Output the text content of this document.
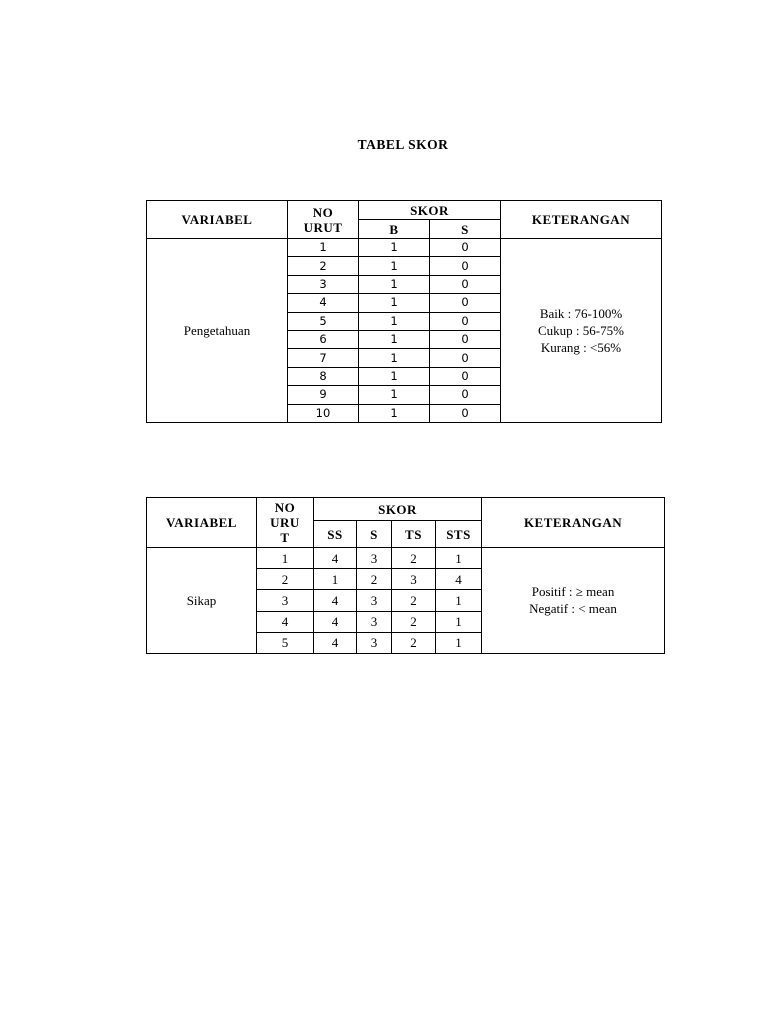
TABEL SKOR
VARIABEL	NO URUT	SKOR		KETERANGAN
		B	S	
Pengetahuan	1	1	0	Baik : 76-100%
Cukup : 56-75%
Kurang : <56%

	2	1	0	
	3	1	0	
	4	1	0	
	5	1	0	
	6	1	0	
	7	1	0	
	8	1	0	
	9	1	0	
	10	1	0	
VARIABEL	NO URU T	SKOR				KETERANGAN
		SS	S	TS	STS	
Sikap	1	4	3	2	1	Positif : ≥ mean
Negatif : < mean

	2	1	2	3	4	
	3	4	3	2	1	
	4	4	3	2	1	
	5	4	3	2	1	
